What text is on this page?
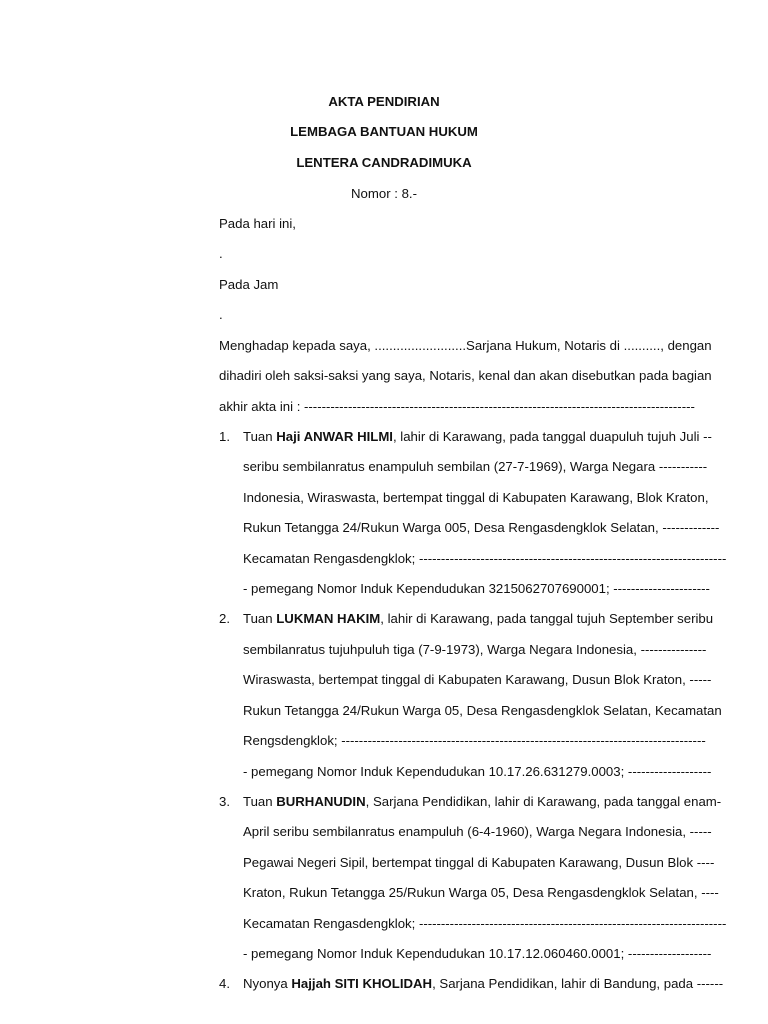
AKTA PENDIRIAN
LEMBAGA BANTUAN HUKUM
LENTERA CANDRADIMUKA
Nomor : 8.-
Pada hari ini,
.
Pada Jam
.
Menghadap kepada saya, .........................Sarjana Hukum, Notaris di .........., dengan
dihadiri oleh saksi-saksi yang saya, Notaris, kenal dan akan disebutkan pada bagian
akhir akta ini : -----------------------------------------------------------------------------------------
1. Tuan Haji ANWAR HILMI, lahir di Karawang, pada tanggal duapuluh tujuh Juli --
seribu sembilanratus enampuluh sembilan (27-7-1969), Warga Negara -----------
Indonesia, Wiraswasta, bertempat tinggal di Kabupaten Karawang, Blok Kraton,
Rukun Tetangga 24/Rukun Warga 005, Desa Rengasdengklok Selatan, -------------
Kecamatan Rengasdengklok; ----------------------------------------------------------------------
- pemegang Nomor Induk Kependudukan 3215062707690001; ----------------------
2. Tuan LUKMAN HAKIM, lahir di Karawang, pada tanggal tujuh September seribu
sembilanratus tujuhpuluh tiga (7-9-1973), Warga Negara Indonesia, ---------------
Wiraswasta, bertempat tinggal di Kabupaten Karawang, Dusun Blok Kraton, -----
Rukun Tetangga 24/Rukun Warga 05, Desa Rengasdengklok Selatan, Kecamatan
Rengsdengklok; -----------------------------------------------------------------------------------
- pemegang Nomor Induk Kependudukan 10.17.26.631279.0003; -------------------
3. Tuan BURHANUDIN, Sarjana Pendidikan, lahir di Karawang, pada tanggal enam-
April seribu sembilanratus enampuluh (6-4-1960), Warga Negara Indonesia, -----
Pegawai Negeri Sipil, bertempat tinggal di Kabupaten Karawang, Dusun Blok ----
Kraton, Rukun Tetangga 25/Rukun Warga 05, Desa Rengasdengklok Selatan, ----
Kecamatan Rengasdengklok; ----------------------------------------------------------------------
- pemegang Nomor Induk Kependudukan 10.17.12.060460.0001; -------------------
4. Nyonya Hajjah SITI KHOLIDAH, Sarjana Pendidikan, lahir di Bandung, pada ------
